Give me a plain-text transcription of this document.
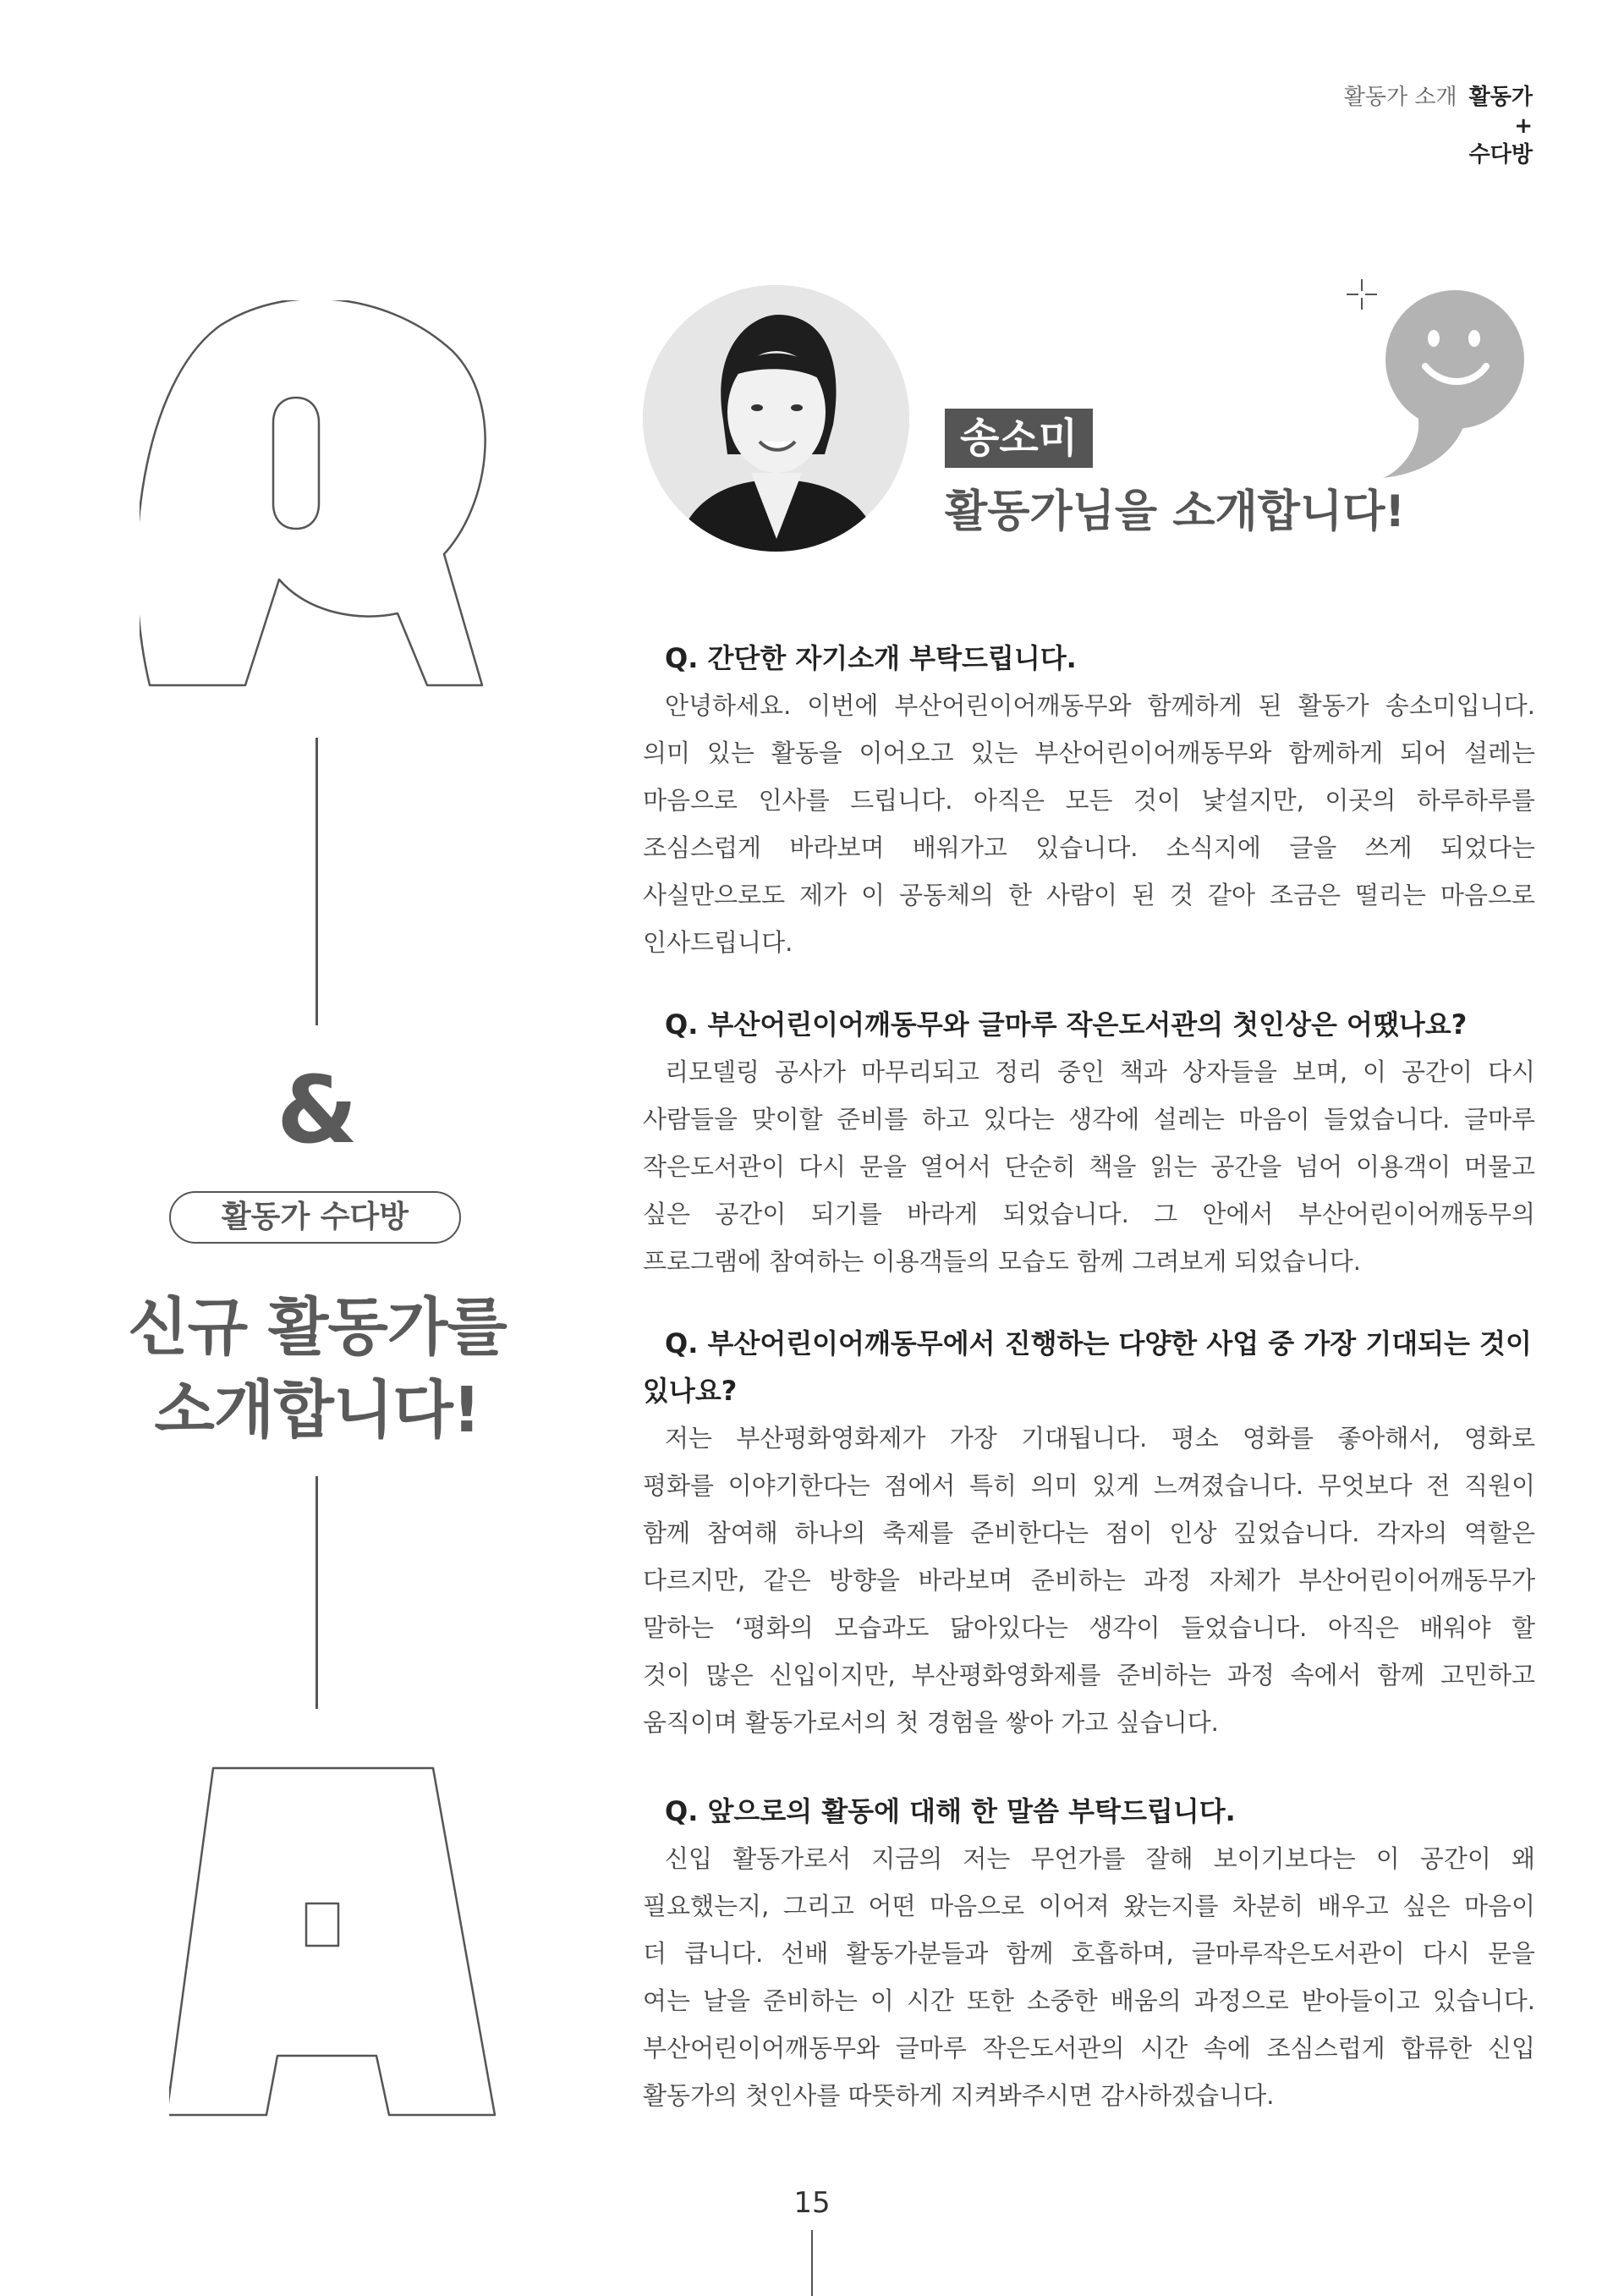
활동가 소개 활동가
+
수다방
&
활동가 수다방
신규 활동가를
소개합니다!
송소미
활동가님을 소개합니다!
Q. 간단한 자기소개 부탁드립니다.
안녕하세요. 이번에 부산어린이어깨동무와 함께하게 된 활동가 송소미입니다.
의미 있는 활동을 이어오고 있는 부산어린이어깨동무와 함께하게 되어 설레는
마음으로 인사를 드립니다. 아직은 모든 것이 낯설지만, 이곳의 하루하루를
조심스럽게 바라보며 배워가고 있습니다. 소식지에 글을 쓰게 되었다는
사실만으로도 제가 이 공동체의 한 사람이 된 것 같아 조금은 떨리는 마음으로
인사드립니다.
Q. 부산어린이어깨동무와 글마루 작은도서관의 첫인상은 어땠나요?
리모델링 공사가 마무리되고 정리 중인 책과 상자들을 보며, 이 공간이 다시
사람들을 맞이할 준비를 하고 있다는 생각에 설레는 마음이 들었습니다. 글마루
작은도서관이 다시 문을 열어서 단순히 책을 읽는 공간을 넘어 이용객이 머물고
싶은 공간이 되기를 바라게 되었습니다. 그 안에서 부산어린이어깨동무의
프로그램에 참여하는 이용객들의 모습도 함께 그려보게 되었습니다.
Q. 부산어린이어깨동무에서 진행하는 다양한 사업 중 가장 기대되는 것이
있나요?
저는 부산평화영화제가 가장 기대됩니다. 평소 영화를 좋아해서, 영화로
평화를 이야기한다는 점에서 특히 의미 있게 느껴졌습니다. 무엇보다 전 직원이
함께 참여해 하나의 축제를 준비한다는 점이 인상 깊었습니다. 각자의 역할은
다르지만, 같은 방향을 바라보며 준비하는 과정 자체가 부산어린이어깨동무가
말하는 ‘평화의 모습과도 닮아있다는 생각이 들었습니다. 아직은 배워야 할
것이 많은 신입이지만, 부산평화영화제를 준비하는 과정 속에서 함께 고민하고
움직이며 활동가로서의 첫 경험을 쌓아 가고 싶습니다.
Q. 앞으로의 활동에 대해 한 말씀 부탁드립니다.
신입 활동가로서 지금의 저는 무언가를 잘해 보이기보다는 이 공간이 왜
필요했는지, 그리고 어떤 마음으로 이어져 왔는지를 차분히 배우고 싶은 마음이
더 큽니다. 선배 활동가분들과 함께 호흡하며, 글마루작은도서관이 다시 문을
여는 날을 준비하는 이 시간 또한 소중한 배움의 과정으로 받아들이고 있습니다.
부산어린이어깨동무와 글마루 작은도서관의 시간 속에 조심스럽게 합류한 신입
활동가의 첫인사를 따뜻하게 지켜봐주시면 감사하겠습니다.
15
